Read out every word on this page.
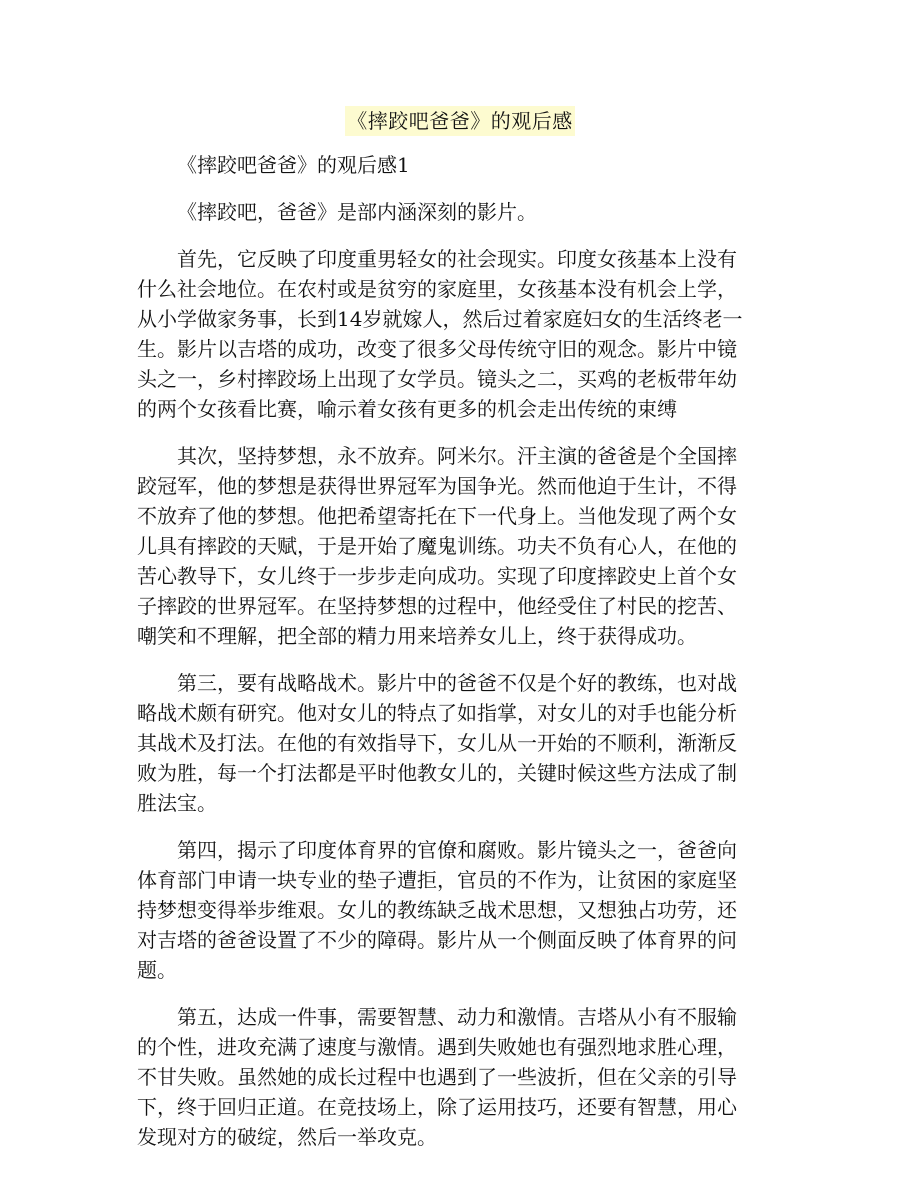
《摔跤吧爸爸》的观后感
《摔跤吧爸爸》的观后感1
《摔跤吧，爸爸》是部内涵深刻的影片。
首先，它反映了印度重男轻女的社会现实。印度女孩基本上没有
什么社会地位。在农村或是贫穷的家庭里，女孩基本没有机会上学，
从小学做家务事，长到14岁就嫁人，然后过着家庭妇女的生活终老一
生。影片以吉塔的成功，改变了很多父母传统守旧的观念。影片中镜
头之一，乡村摔跤场上出现了女学员。镜头之二，买鸡的老板带年幼
的两个女孩看比赛，喻示着女孩有更多的机会走出传统的束缚
其次，坚持梦想，永不放弃。阿米尔。汗主演的爸爸是个全国摔
跤冠军，他的梦想是获得世界冠军为国争光。然而他迫于生计，不得
不放弃了他的梦想。他把希望寄托在下一代身上。当他发现了两个女
儿具有摔跤的天赋，于是开始了魔鬼训练。功夫不负有心人，在他的
苦心教导下，女儿终于一步步走向成功。实现了印度摔跤史上首个女
子摔跤的世界冠军。在坚持梦想的过程中，他经受住了村民的挖苦、
嘲笑和不理解，把全部的精力用来培养女儿上，终于获得成功。
第三，要有战略战术。影片中的爸爸不仅是个好的教练，也对战
略战术颇有研究。他对女儿的特点了如指掌，对女儿的对手也能分析
其战术及打法。在他的有效指导下，女儿从一开始的不顺利，渐渐反
败为胜，每一个打法都是平时他教女儿的，关键时候这些方法成了制
胜法宝。
第四，揭示了印度体育界的官僚和腐败。影片镜头之一，爸爸向
体育部门申请一块专业的垫子遭拒，官员的不作为，让贫困的家庭坚
持梦想变得举步维艰。女儿的教练缺乏战术思想，又想独占功劳，还
对吉塔的爸爸设置了不少的障碍。影片从一个侧面反映了体育界的问
题。
第五，达成一件事，需要智慧、动力和激情。吉塔从小有不服输
的个性，进攻充满了速度与激情。遇到失败她也有强烈地求胜心理，
不甘失败。虽然她的成长过程中也遇到了一些波折，但在父亲的引导
下，终于回归正道。在竞技场上，除了运用技巧，还要有智慧，用心
发现对方的破绽，然后一举攻克。
